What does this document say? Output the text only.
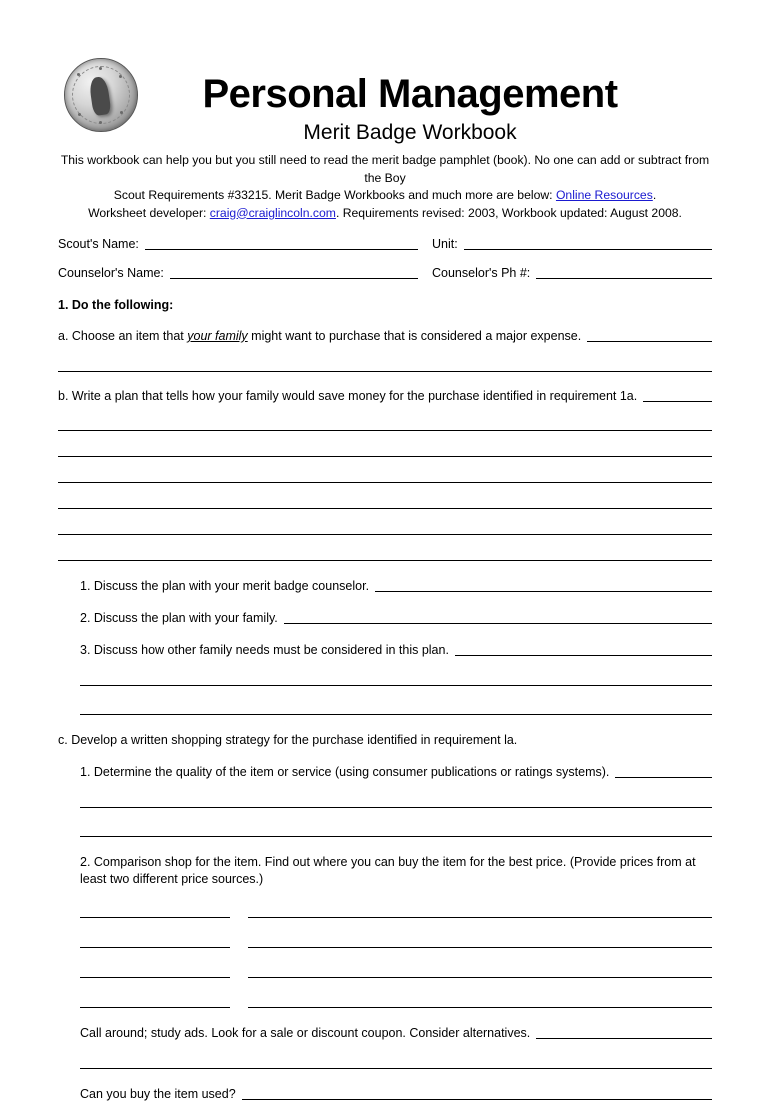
Personal Management
Merit Badge Workbook
This workbook can help you but you still need to read the merit badge pamphlet (book). No one can add or subtract from the Boy
Scout Requirements #33215. Merit Badge Workbooks and much more are below: Online Resources.
Worksheet developer: craig@craiglincoln.com. Requirements revised: 2003, Workbook updated: August 2008.
Scout's Name:	Unit:
Counselor's Name:	Counselor's Ph #:
1. Do the following:
a. Choose an item that your family might want to purchase that is considered a major expense.
b. Write a plan that tells how your family would save money for the purchase identified in requirement 1a.
1. Discuss the plan with your merit badge counselor.
2. Discuss the plan with your family.
3. Discuss how other family needs must be considered in this plan.
c. Develop a written shopping strategy for the purchase identified in requirement la.
1. Determine the quality of the item or service (using consumer publications or ratings systems).
2. Comparison shop for the item. Find out where you can buy the item for the best price. (Provide prices from at least two different price sources.)
Call around; study ads. Look for a sale or discount coupon. Consider alternatives.
Can you buy the item used?
